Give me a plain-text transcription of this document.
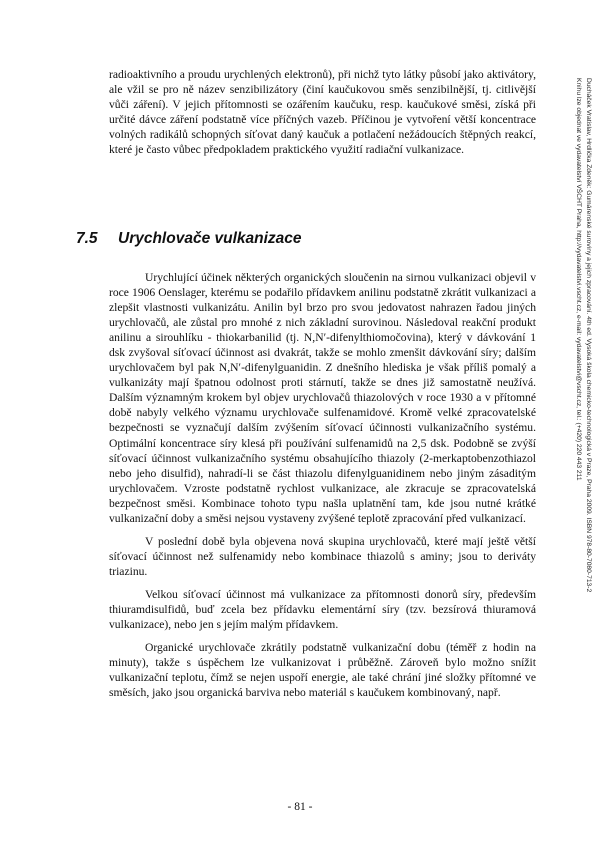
radioaktivního a proudu urychlených elektronů), při nichž tyto látky působí jako aktivátory, ale vžil se pro ně název senzibilizátory (činí kaučukovou směs senzibilnější, tj. citlivější vůči záření). V jejich přítomnosti se ozářením kaučuku, resp. kaučukové směsi, získá při určité dávce záření podstatně více příčných vazeb. Příčinou je vytvoření větší koncentrace volných radikálů schopných síťovat daný kaučuk a potlačení nežádoucích štěpných reakcí, které je často vůbec předpokladem praktického využití radiační vulkanizace.

7.5 Urychlovače vulkanizace

Urychlující účinek některých organických sloučenin na sirnou vulkanizaci objevil v roce 1906 Oenslager, kterému se podařilo přídavkem anilinu podstatně zkrátit vulkanizaci a zlepšit vlastnosti vulkanizátu. Anilin byl brzo pro svou jedovatost nahrazen řadou jiných urychlovačů, ale zůstal pro mnohé z nich základní surovinou. Následoval reakční produkt anilinu a sirouhlíku - thiokarbanilid (tj. N,N′-difenylthiomočovina), který v dávkování 1 dsk zvyšoval síťovací účinnost asi dvakrát, takže se mohlo zmenšit dávkování síry; dalším urychlovačem byl pak N,N′-difenylguanidin. Z dnešního hlediska je však příliš pomalý a vulkanizáty mají špatnou odolnost proti stárnutí, takže se dnes již samostatně neužívá. Dalším významným krokem byl objev urychlovačů thiazolových v roce 1930 a v přítomné době nabyly velkého významu urychlovače sulfenamidové. Kromě velké zpracovatelské bezpečnosti se vyznačují dalším zvýšením síťovací účinnosti vulkanizačního systému. Optimální koncentrace síry klesá při používání sulfenamidů na 2,5 dsk. Podobně se zvýší síťovací účinnost vulkanizačního systému obsahujícího thiazoly (2-merkaptobenzothiazol nebo jeho disulfid), nahradí-li se část thiazolu difenylguanidinem nebo jiným zásaditým urychlovačem. Vzroste podstatně rychlost vulkanizace, ale zkracuje se zpracovatelská bezpečnost směsi. Kombinace tohoto typu našla uplatnění tam, kde jsou nutné krátké vulkanizační doby a směsi nejsou vystaveny zvýšené teplotě zpracování před vulkanizací.

V poslední době byla objevena nová skupina urychlovačů, které mají ještě větší síťovací účinnost než sulfenamidy nebo kombinace thiazolů s aminy; jsou to deriváty triazinu.

Velkou síťovací účinnost má vulkanizace za přítomnosti donorů síry, především thiuramdisulfidů, buď zcela bez přídavku elementární síry (tzv. bezsírová thiuramová vulkanizace), nebo jen s jejím malým přídavkem.

Organické urychlovače zkrátily podstatně vulkanizační dobu (téměř z hodin na minuty), takže s úspěchem lze vulkanizovat i průběžně. Zároveň bylo možno snížit vulkanizační teplotu, čímž se nejen uspoří energie, ale také chrání jiné složky přítomné ve směsích, jako jsou organická barviva nebo materiál s kaučukem kombinovaný, např.

- 81 -
Ducháček Vratislav, Hrdlička Zdeněk: Gumárenské suroviny a jejich zpracování. 4th ed. Vysoká škola chemicko-technologická v Praze, Praha 2009. ISBN 978-80-7080-713-2
Knihu lze objednat ve vydavatelství VŠCHT Praha, http://vydavatelstvi.vscht.cz, e-mail: vydavatelstvi@vscht.cz, tel.: (+420) 220 443 211
